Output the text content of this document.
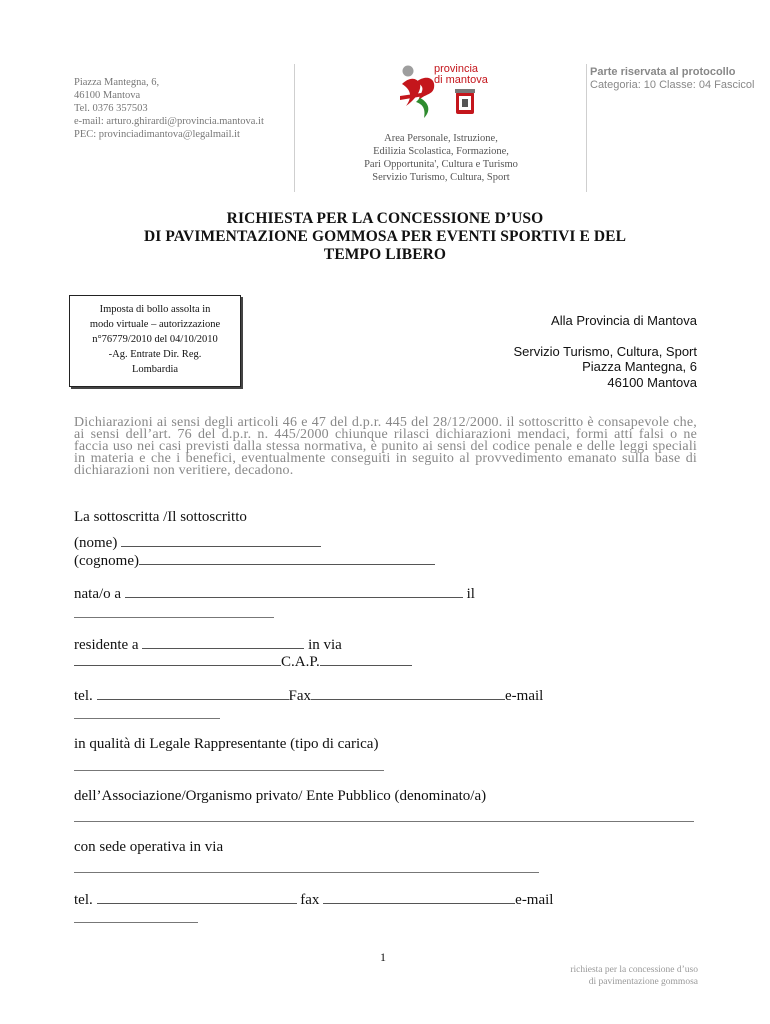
Piazza Mantegna, 6,
46100 Mantova
Tel. 0376 357503
e-mail: arturo.ghirardi@provincia.mantova.it
PEC: provinciadimantova@legalmail.it
provincia
di mantova
Area Personale, Istruzione,
Edilizia Scolastica, Formazione,
Pari Opportunita', Cultura e Turismo
Servizio Turismo, Cultura, Sport
Parte riservata al protocollo
Categoria: 10 Classe: 04 Fascicol
RICHIESTA PER LA CONCESSIONE D’USO
DI PAVIMENTAZIONE GOMMOSA PER EVENTI SPORTIVI E DEL
TEMPO LIBERO
Imposta di bollo assolta in
modo virtuale – autorizzazione
n°76779/2010 del 04/10/2010
-Ag. Entrate Dir. Reg.
Lombardia
Alla Provincia di Mantova
Servizio Turismo, Cultura, Sport
Piazza Mantegna, 6
46100 Mantova
Dichiarazioni ai sensi degli articoli 46 e 47 del d.p.r. 445 del 28/12/2000. il sottoscritto è consapevole che, ai sensi dell’art. 76 del d.p.r. n. 445/2000 chiunque rilasci dichiarazioni mendaci, formi atti falsi o ne faccia uso nei casi previsti dalla stessa normativa, è punito ai sensi del codice penale e delle leggi speciali in materia e che i benefici, eventualmente conseguiti in seguito al provvedimento emanato sulla base di dichiarazioni non veritiere, decadono.
La sottoscritta /Il sottoscritto
(nome)
(cognome)
nata/o a	il
residente a	in via
C.A.P.
tel.	Fax	e-mail
in qualità di Legale Rappresentante (tipo di carica)
dell’Associazione/Organismo privato/ Ente Pubblico (denominato/a)
con sede operativa in via
tel.	fax	e-mail
1
richiesta per la concessione d’uso
di pavimentazione gommosa
